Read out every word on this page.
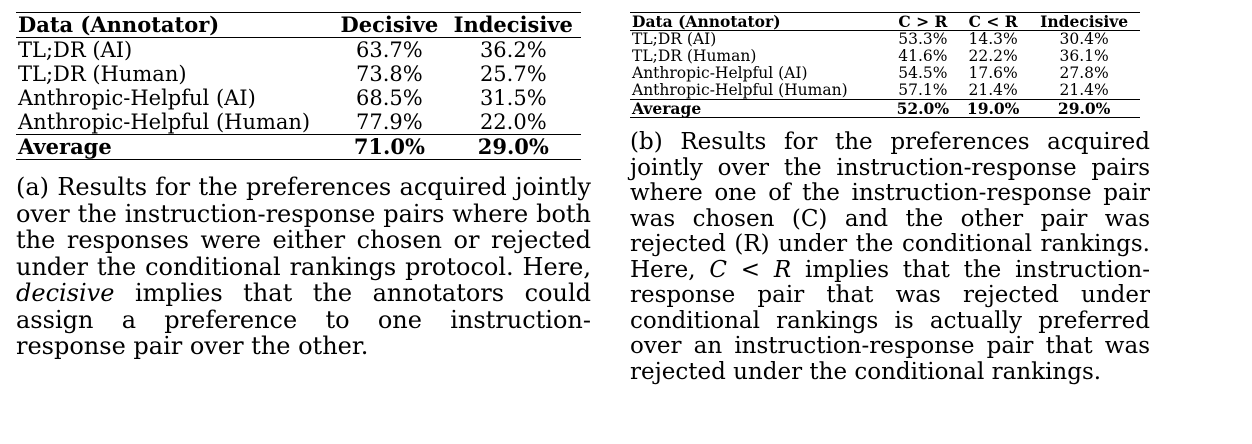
Data (Annotator)	Decisive	Indecisive
TL;DR (AI)	63.7%	36.2%
TL;DR (Human)	73.8%	25.7%
Anthropic-Helpful (AI)	68.5%	31.5%
Anthropic-Helpful (Human)	77.9%	22.0%
Average	71.0%	29.0%

(a) Results for the preferences acquired jointly over the instruction-response pairs where both the responses were either chosen or rejected under the conditional rankings protocol. Here, decisive implies that the annotators could assign a preference to one instruction-response pair over the other.

Data (Annotator)	C > R	C < R	Indecisive
TL;DR (AI)	53.3%	14.3%	30.4%
TL;DR (Human)	41.6%	22.2%	36.1%
Anthropic-Helpful (AI)	54.5%	17.6%	27.8%
Anthropic-Helpful (Human)	57.1%	21.4%	21.4%
Average	52.0%	19.0%	29.0%

(b) Results for the preferences acquired jointly over the instruction-response pairs where one of the instruction-response pair was chosen (C) and the other pair was rejected (R) under the conditional rankings. Here, C < R implies that the instruction-response pair that was rejected under conditional rankings is actually preferred over an instruction-response pair that was rejected under the conditional rankings.
